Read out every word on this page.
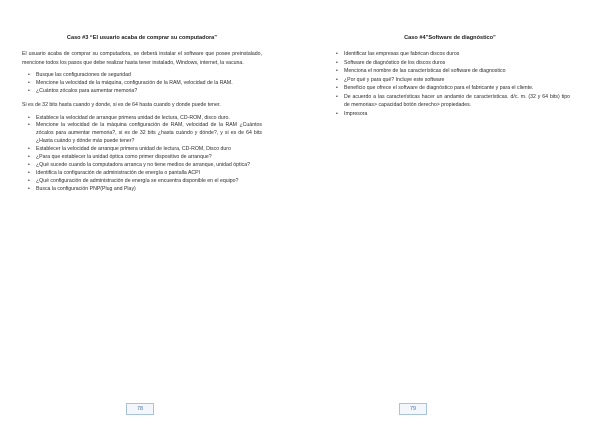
Caso #3 “El usuario acaba de comprar su computadora”

El usuario acaba de comprar su computadora, se deberá instalar el software que posee preinstalado, mencione todos los pasos que debe realizar hasta tener instalado, Windows, internet, la vacuna.

• Busque las configuraciones de seguridad
• Mencione la velocidad de la máquina, configuración de la RAM, velocidad de la RAM.
• ¿Cuántos zócalos para aumentar memoria?

Si es de 32 bits hasta cuando y donde, si es de 64 hasta cuando y donde puede tener.

• Establece la velocidad de arranque primera unidad de lectura, CD-ROM, disco duro.
• Mencione la velocidad de la máquina configuración de RAM, velocidad de la RAM ¿Cuántos zócalos para aumentar memoria?, si es de 32 bits ¿hasta cuándo y dónde?, y si es de 64 bits ¿Hasta cuándo y dónde más puede tener?
• Establecer la velocidad de arranque primera unidad de lectura, CD-ROM, Disco duro
• ¿Para que establecer la unidad óptica como primer dispositivo de arranque?
• ¿Qué sucede cuando la computadora arranca y no tiene medios de arranque, unidad óptica?
• Identifica la configuración de administración de energía o pantalla ACPI
• ¿Qué configuración de administración de energía se encuentra disponible en el equipo?
• Busca la configuración PNP(Plug and Play)
78
Caso #4”Software de diagnóstico”
• Identificar las empresas que fabrican discos duros
• Software de diagnóstico de los discos duros
• Menciona el nombre de las características del software de diagnostico
• ¿Por qué y para qué? Incluye este software
• Beneficio que ofrece el software de diagnóstico para el fabricante y para el cliente.
• De acuerdo a las características hacer un andamio de características. d/c. m. (32 y 64 bits) tipo de memorias> capacidad botón derecho> propiedades.
• Impresora
79
